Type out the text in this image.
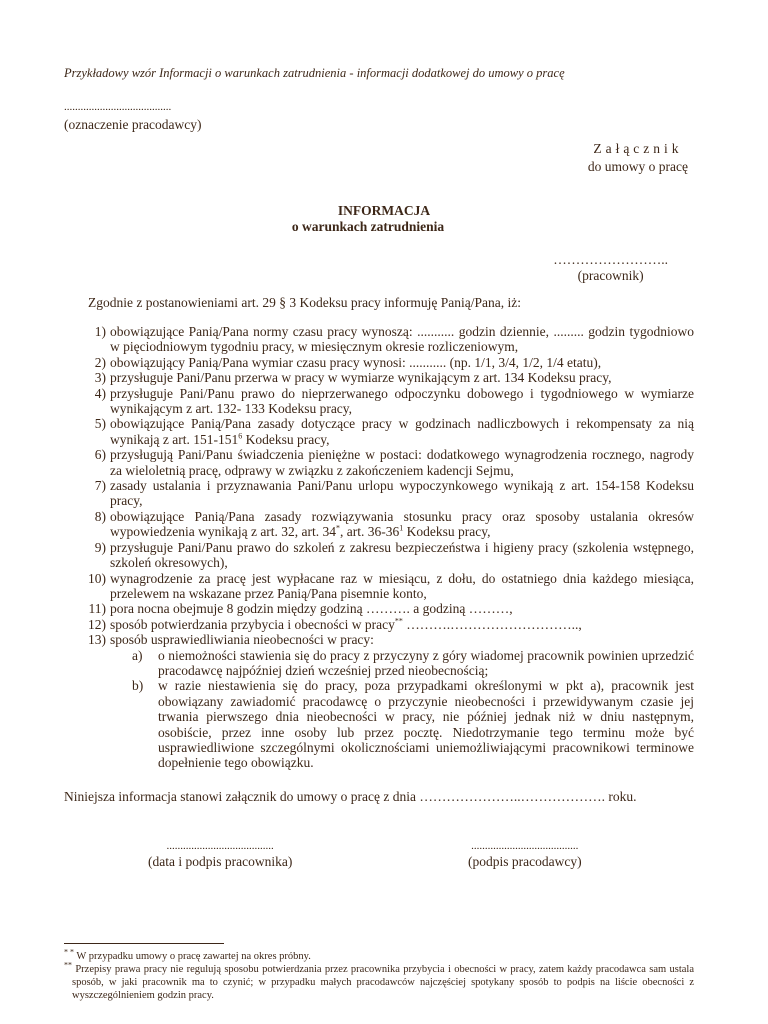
Przykładowy wzór Informacji o warunkach zatrudnienia - informacji dodatkowej do umowy o pracę
.......................................
(oznaczenie pracodawcy)
Załącznik
do umowy o pracę
INFORMACJA
o warunkach zatrudnienia
……………………..
(pracownik)
Zgodnie z postanowieniami art. 29 § 3 Kodeksu pracy informuję Panią/Pana, iż:
1) obowiązujące Panią/Pana normy czasu pracy wynoszą: ........... godzin dziennie, ......... godzin tygodniowo w pięciodniowym tygodniu pracy, w miesięcznym okresie rozliczeniowym,
2) obowiązujący Panią/Pana wymiar czasu pracy wynosi: ........... (np. 1/1, 3/4, 1/2, 1/4 etatu),
3) przysługuje Pani/Panu przerwa w pracy w wymiarze wynikającym z art. 134 Kodeksu pracy,
4) przysługuje Pani/Panu prawo do nieprzerwanego odpoczynku dobowego i tygodniowego w wymiarze wynikającym z art. 132- 133 Kodeksu pracy,
5) obowiązujące Panią/Pana zasady dotyczące pracy w godzinach nadliczbowych i rekompensaty za nią wynikają z art. $151-151^6$ Kodeksu pracy,
6) przysługują Pani/Panu świadczenia pieniężne w postaci: dodatkowego wynagrodzenia rocznego, nagrody za wieloletnią pracę, odprawy w związku z zakończeniem kadencji Sejmu,
7) zasady ustalania i przyznawania Pani/Panu urlopu wypoczynkowego wynikają z art. 154-158 Kodeksu pracy,
8) obowiązujące Panią/Pana zasady rozwiązywania stosunku pracy oraz sposoby ustalania okresów wypowiedzenia wynikają z art. 32, art. 34*, art. $36-36^1$ Kodeksu pracy,
9) przysługuje Pani/Panu prawo do szkoleń z zakresu bezpieczeństwa i higieny pracy (szkolenia wstępnego, szkoleń okresowych),
10) wynagrodzenie za pracę jest wypłacane raz w miesiącu, z dołu, do ostatniego dnia każdego miesiąca, przelewem na wskazane przez Panią/Pana pisemnie konto,
11) pora nocna obejmuje 8 godzin między godziną ………. a godziną ………,
12) sposób potwierdzania przybycia i obecności w pracy** ……….………………………..,
13) sposób usprawiedliwiania nieobecności w pracy:
a)	o niemożności stawienia się do pracy z przyczyny z góry wiadomej pracownik powinien uprzedzić pracodawcę najpóźniej dzień wcześniej przed nieobecnością;
b)	w razie niestawienia się do pracy, poza przypadkami określonymi w pkt a), pracownik jest obowiązany zawiadomić pracodawcę o przyczynie nieobecności i przewidywanym czasie jej trwania pierwszego dnia nieobecności w pracy, nie później jednak niż w dniu następnym, osobiście, przez inne osoby lub przez pocztę. Niedotrzymanie tego terminu może być usprawiedliwione szczególnymi okolicznościami uniemożliwiającymi pracownikowi terminowe dopełnienie tego obowiązku.
Niniejsza informacja stanowi załącznik do umowy o pracę z dnia …………………..………………. roku.
.......................................
(data i podpis pracownika)
.......................................
(podpis pracodawcy)

* * W przypadku umowy o pracę zawartej na okres próbny.

** Przepisy prawa pracy nie regulują sposobu potwierdzania przez pracownika przybycia i obecności w pracy, zatem każdy pracodawca sam ustala sposób, w jaki pracownik ma to czynić; w przypadku małych pracodawców najczęściej spotykany sposób to podpis na liście obecności z wyszczególnieniem godzin pracy.
